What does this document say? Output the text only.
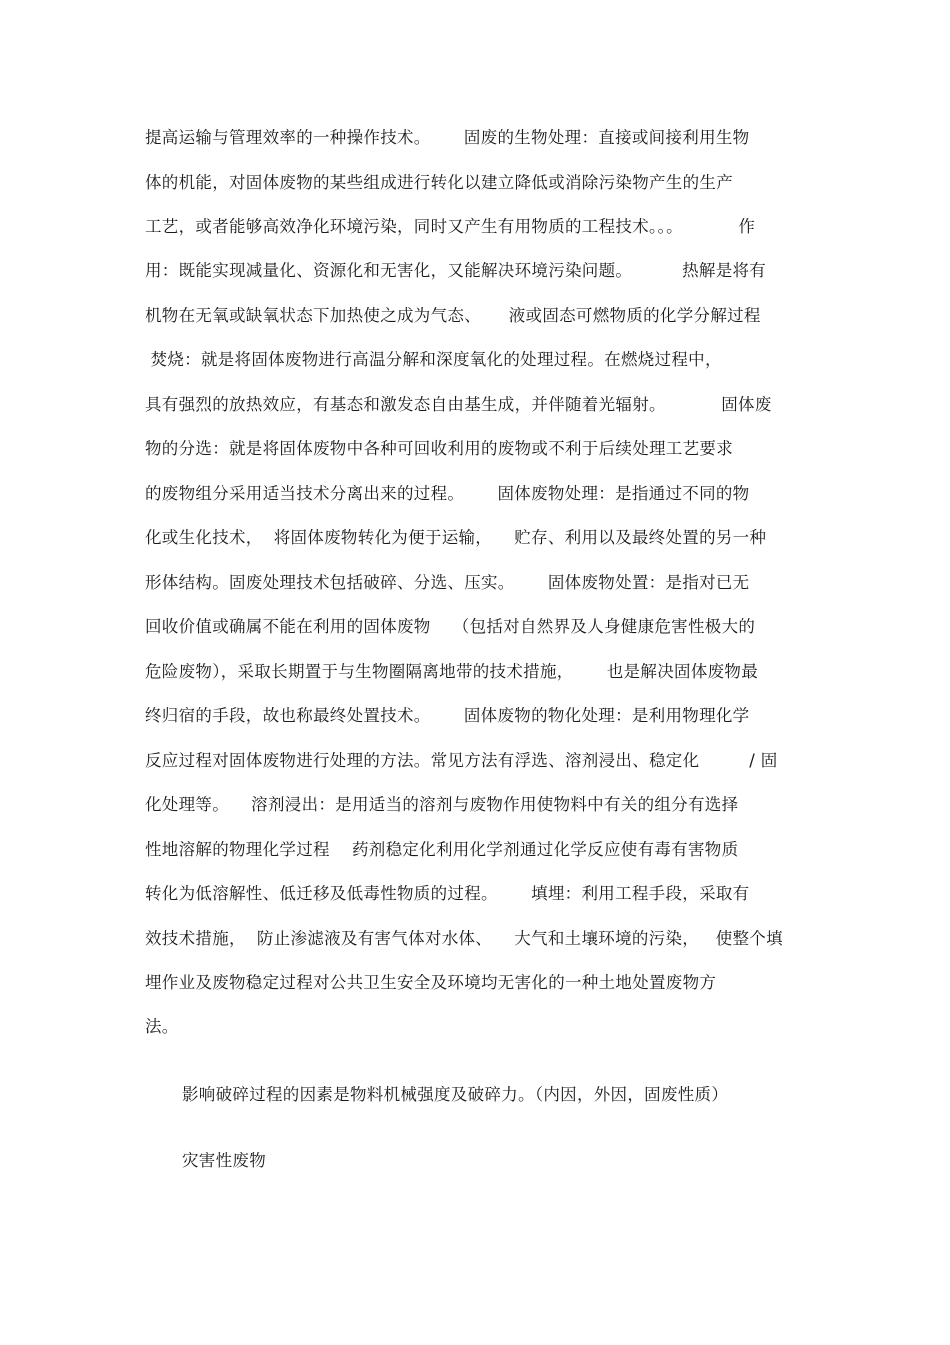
提高运输与管理效率的一种操作技术。      固废的生物处理：直接或间接利用生物
体的机能，对固体废物的某些组成进行转化以建立降低或消除污染物产生的生产
工艺，或者能够高效净化环境污染，同时又产生有用物质的工程技术。。。          作
用：既能实现减量化、资源化和无害化，又能解决环境污染问题。         热解是将有
机物在无氧或缺氧状态下加热使之成为气态、     液或固态可燃物质的化学分解过程
焚烧：就是将固体废物进行高温分解和深度氧化的处理过程。在燃烧过程中，
具有强烈的放热效应，有基态和激发态自由基生成，并伴随着光辐射。          固体废
物的分选：就是将固体废物中各种可回收利用的废物或不利于后续处理工艺要求
的废物组分采用适当技术分离出来的过程。      固体废物处理：是指通过不同的物
化或生化技术，  将固体废物转化为便于运输，    贮存、利用以及最终处置的另一种
形体结构。固废处理技术包括破碎、分选、压实。      固体废物处置：是指对已无
回收价值或确属不能在利用的固体废物    （包括对自然界及人身健康危害性极大的
危险废物），采取长期置于与生物圈隔离地带的技术措施，      也是解决固体废物最
终归宿的手段，故也称最终处置技术。      固体废物的物化处理：是利用物理化学
反应过程对固体废物进行处理的方法。常见方法有浮选、溶剂浸出、稳定化         / 固
化处理等。    溶剂浸出：是用适当的溶剂与废物作用使物料中有关的组分有选择
性地溶解的物理化学过程    药剂稳定化利用化学剂通过化学反应使有毒有害物质
转化为低溶解性、低迁移及低毒性物质的过程。      填埋：利用工程手段，采取有
效技术措施，  防止渗滤液及有害气体对水体、    大气和土壤环境的污染，   使整个填
埋作业及废物稳定过程对公共卫生安全及环境均无害化的一种土地处置废物方
法。
影响破碎过程的因素是物料机械强度及破碎力。（内因，外因，固废性质）
灾害性废物
